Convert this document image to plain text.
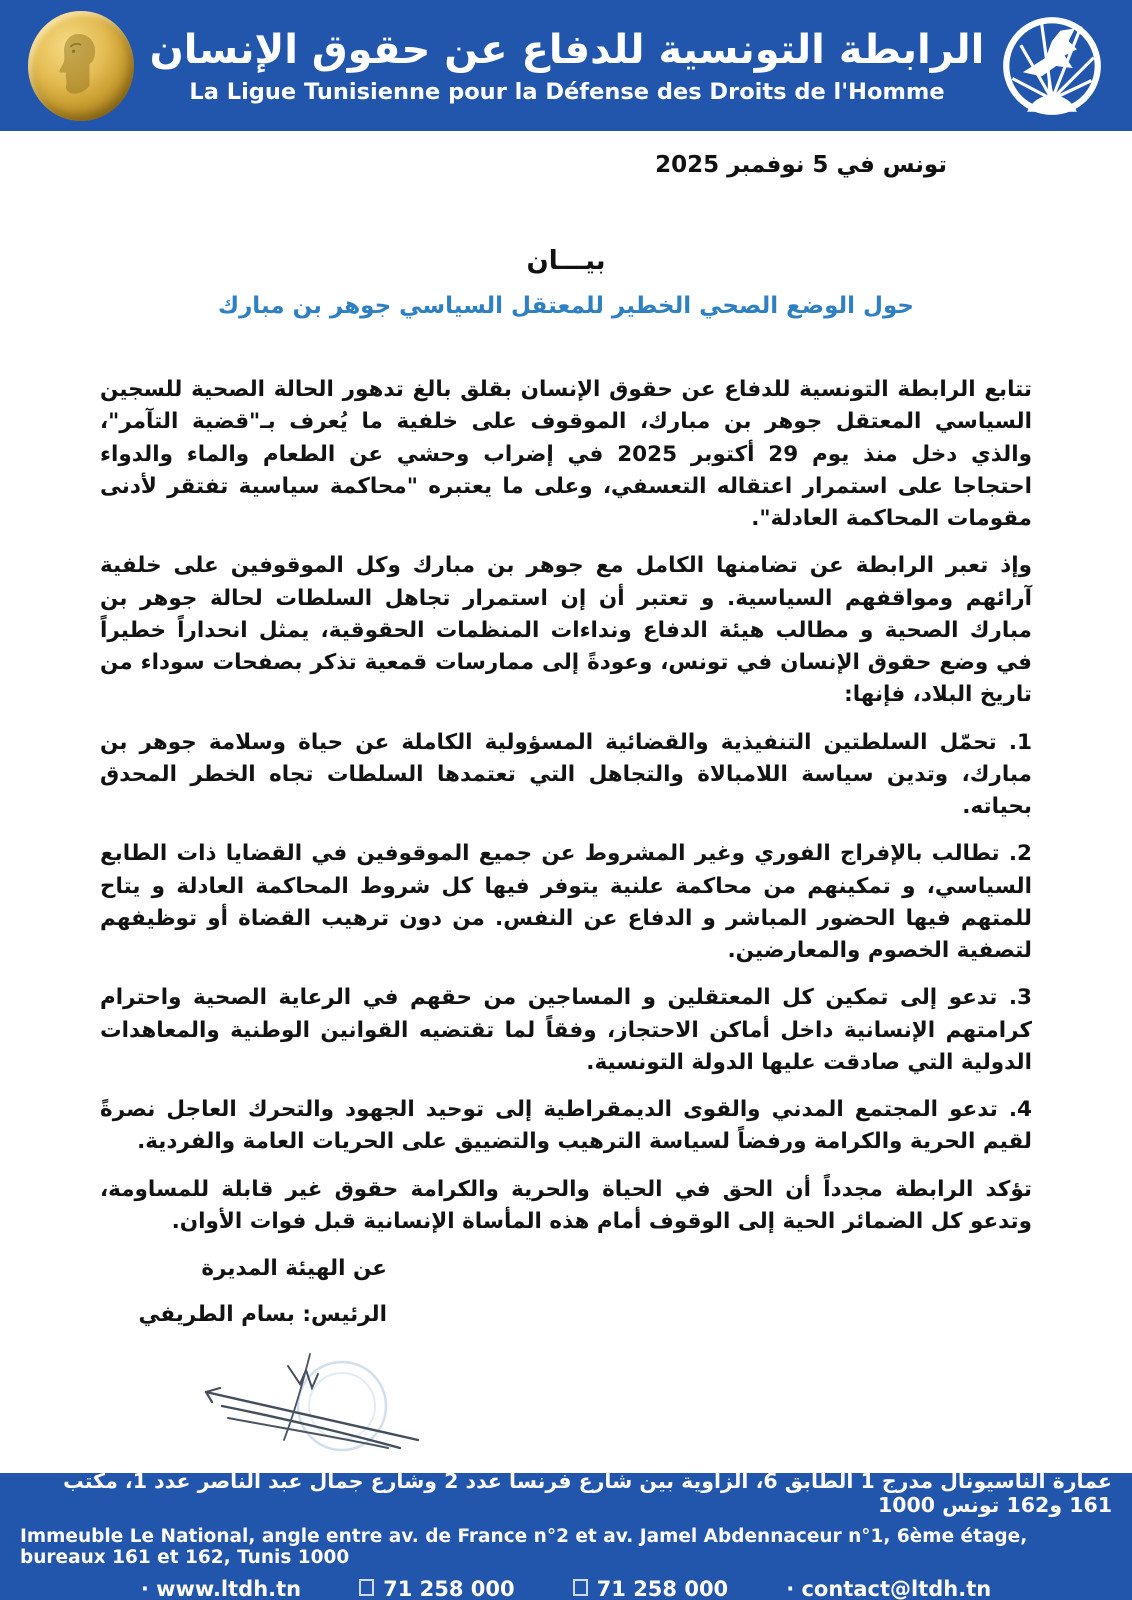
الرابطة التونسية للدفاع عن حقوق الإنسان
La Ligue Tunisienne pour la Défense des Droits de l'Homme
تونس في 5 نوفمبر 2025
بيـــان
حول الوضع الصحي الخطير للمعتقل السياسي جوهر بن مبارك

تتابع الرابطة التونسية للدفاع عن حقوق الإنسان بقلق بالغ تدهور الحالة الصحية للسجين السياسي المعتقل جوهر بن مبارك، الموقوف على خلفية ما يُعرف بـ"قضية التآمر"، والذي دخل منذ يوم 29 أكتوبر 2025 في إضراب وحشي عن الطعام والماء والدواء احتجاجا على استمرار اعتقاله التعسفي، وعلى ما يعتبره "محاكمة سياسية تفتقر لأدنى مقومات المحاكمة العادلة".

وإذ تعبر الرابطة عن تضامنها الكامل مع جوهر بن مبارك وكل الموقوفين على خلفية آرائهم ومواقفهم السياسية. و تعتبر أن إن استمرار تجاهل السلطات لحالة جوهر بن مبارك الصحية و مطالب هيئة الدفاع ونداءات المنظمات الحقوقية، يمثل انحداراً خطيراً في وضع حقوق الإنسان في تونس، وعودةً إلى ممارسات قمعية تذكر بصفحات سوداء من تاريخ البلاد، فإنها:

1. تحمّل السلطتين التنفيذية والقضائية المسؤولية الكاملة عن حياة وسلامة جوهر بن مبارك، وتدين سياسة اللامبالاة والتجاهل التي تعتمدها السلطات تجاه الخطر المحدق بحياته.

2. تطالب بالإفراج الفوري وغير المشروط عن جميع الموقوفين في القضايا ذات الطابع السياسي، و تمكينهم من محاكمة علنية يتوفر فيها كل شروط المحاكمة العادلة و يتاح للمتهم فيها الحضور المباشر و الدفاع عن النفس. من دون ترهيب القضاة أو توظيفهم لتصفية الخصوم والمعارضين.

3. تدعو إلى تمكين كل المعتقلين و المساجين من حقهم في الرعاية الصحية واحترام كرامتهم الإنسانية داخل أماكن الاحتجاز، وفقاً لما تقتضيه القوانين الوطنية والمعاهدات الدولية التي صادقت عليها الدولة التونسية.

4. تدعو المجتمع المدني والقوى الديمقراطية إلى توحيد الجهود والتحرك العاجل نصرةً لقيم الحرية والكرامة ورفضاً لسياسة الترهيب والتضييق على الحريات العامة والفردية.

تؤكد الرابطة مجدداً أن الحق في الحياة والحرية والكرامة حقوق غير قابلة للمساومة، وتدعو كل الضمائر الحية إلى الوقوف أمام هذه المأساة الإنسانية قبل فوات الأوان.

عن الهيئة المديرة
الرئيس: بسام الطريفي
عمارة الناسيونال مدرج 1 الطابق 6، الزاوية بين شارع فرنسا عدد 2 وشارع جمال عبد الناصر عدد 1، مكتب 161 و162 تونس 1000
Immeuble Le National, angle entre av. de France n°2 et av. Jamel Abdennaceur n°1, 6ème étage, bureaux 161 et 162, Tunis 1000
· www.ltdh.tn	71 258 000	71 258 000	· contact@ltdh.tn
